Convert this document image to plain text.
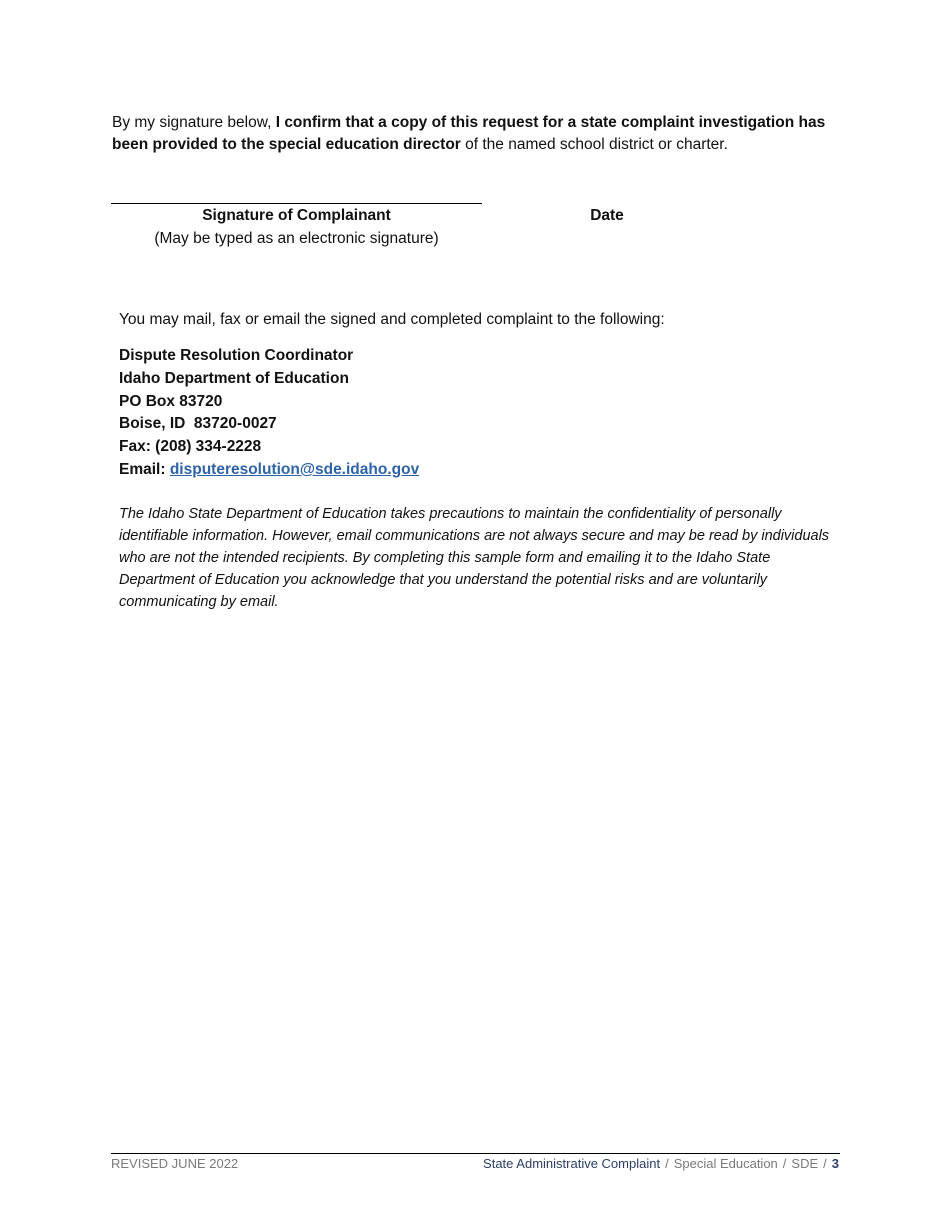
By my signature below, I confirm that a copy of this request for a state complaint investigation has been provided to the special education director of the named school district or charter.
Signature of Complainant
(May be typed as an electronic signature)
Date
You may mail, fax or email the signed and completed complaint to the following:
Dispute Resolution Coordinator
Idaho Department of Education
PO Box 83720
Boise, ID  83720-0027
Fax: (208) 334-2228
Email: disputeresolution@sde.idaho.gov
The Idaho State Department of Education takes precautions to maintain the confidentiality of personally identifiable information. However, email communications are not always secure and may be read by individuals who are not the intended recipients. By completing this sample form and emailing it to the Idaho State Department of Education you acknowledge that you understand the potential risks and are voluntarily communicating by email.
REVISED JUNE 2022	State Administrative Complaint / Special Education / SDE / 3
